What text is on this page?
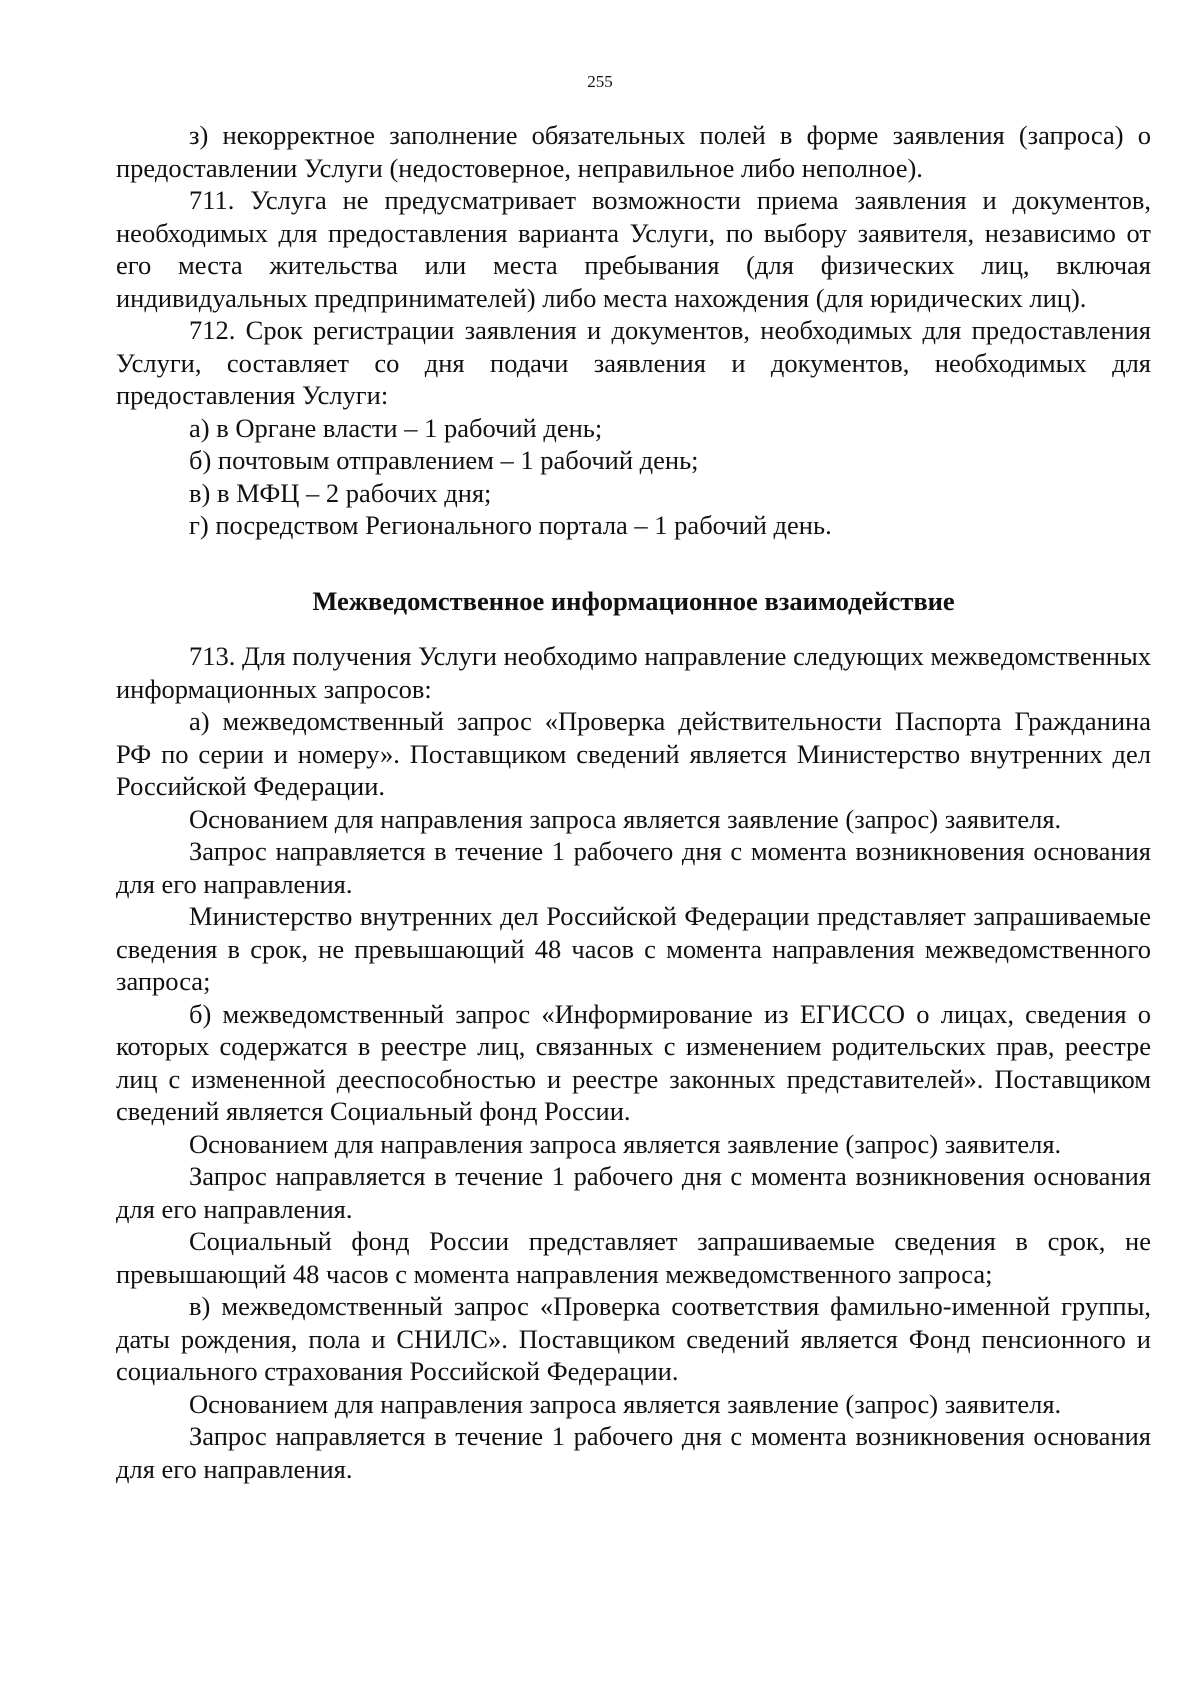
255

з) некорректное заполнение обязательных полей в форме заявления (запроса) о предоставлении Услуги (недостоверное, неправильное либо неполное).

711. Услуга не предусматривает возможности приема заявления и документов, необходимых для предоставления варианта Услуги, по выбору заявителя, независимо от его места жительства или места пребывания (для физических лиц, включая индивидуальных предпринимателей) либо места нахождения (для юридических лиц).

712. Срок регистрации заявления и документов, необходимых для предоставления Услуги, составляет со дня подачи заявления и документов, необходимых для предоставления Услуги:

а) в Органе власти – 1 рабочий день;

б) почтовым отправлением – 1 рабочий день;

в) в МФЦ – 2 рабочих дня;

г) посредством Регионального портала – 1 рабочий день.

Межведомственное информационное взаимодействие

713. Для получения Услуги необходимо направление следующих межведомственных информационных запросов:

а) межведомственный запрос «Проверка действительности Паспорта Гражданина РФ по серии и номеру». Поставщиком сведений является Министерство внутренних дел Российской Федерации.

Основанием для направления запроса является заявление (запрос) заявителя.

Запрос направляется в течение 1 рабочего дня с момента возникновения основания для его направления.

Министерство внутренних дел Российской Федерации представляет запрашиваемые сведения в срок, не превышающий 48 часов с момента направления межведомственного запроса;

б) межведомственный запрос «Информирование из ЕГИССО о лицах, сведения о которых содержатся в реестре лиц, связанных с изменением родительских прав, реестре лиц с измененной дееспособностью и реестре законных представителей». Поставщиком сведений является Социальный фонд России.

Основанием для направления запроса является заявление (запрос) заявителя.

Запрос направляется в течение 1 рабочего дня с момента возникновения основания для его направления.

Социальный фонд России представляет запрашиваемые сведения в срок, не превышающий 48 часов с момента направления межведомственного запроса;

в) межведомственный запрос «Проверка соответствия фамильно-именной группы, даты рождения, пола и СНИЛС». Поставщиком сведений является Фонд пенсионного и социального страхования Российской Федерации.

Основанием для направления запроса является заявление (запрос) заявителя.

Запрос направляется в течение 1 рабочего дня с момента возникновения основания для его направления.
